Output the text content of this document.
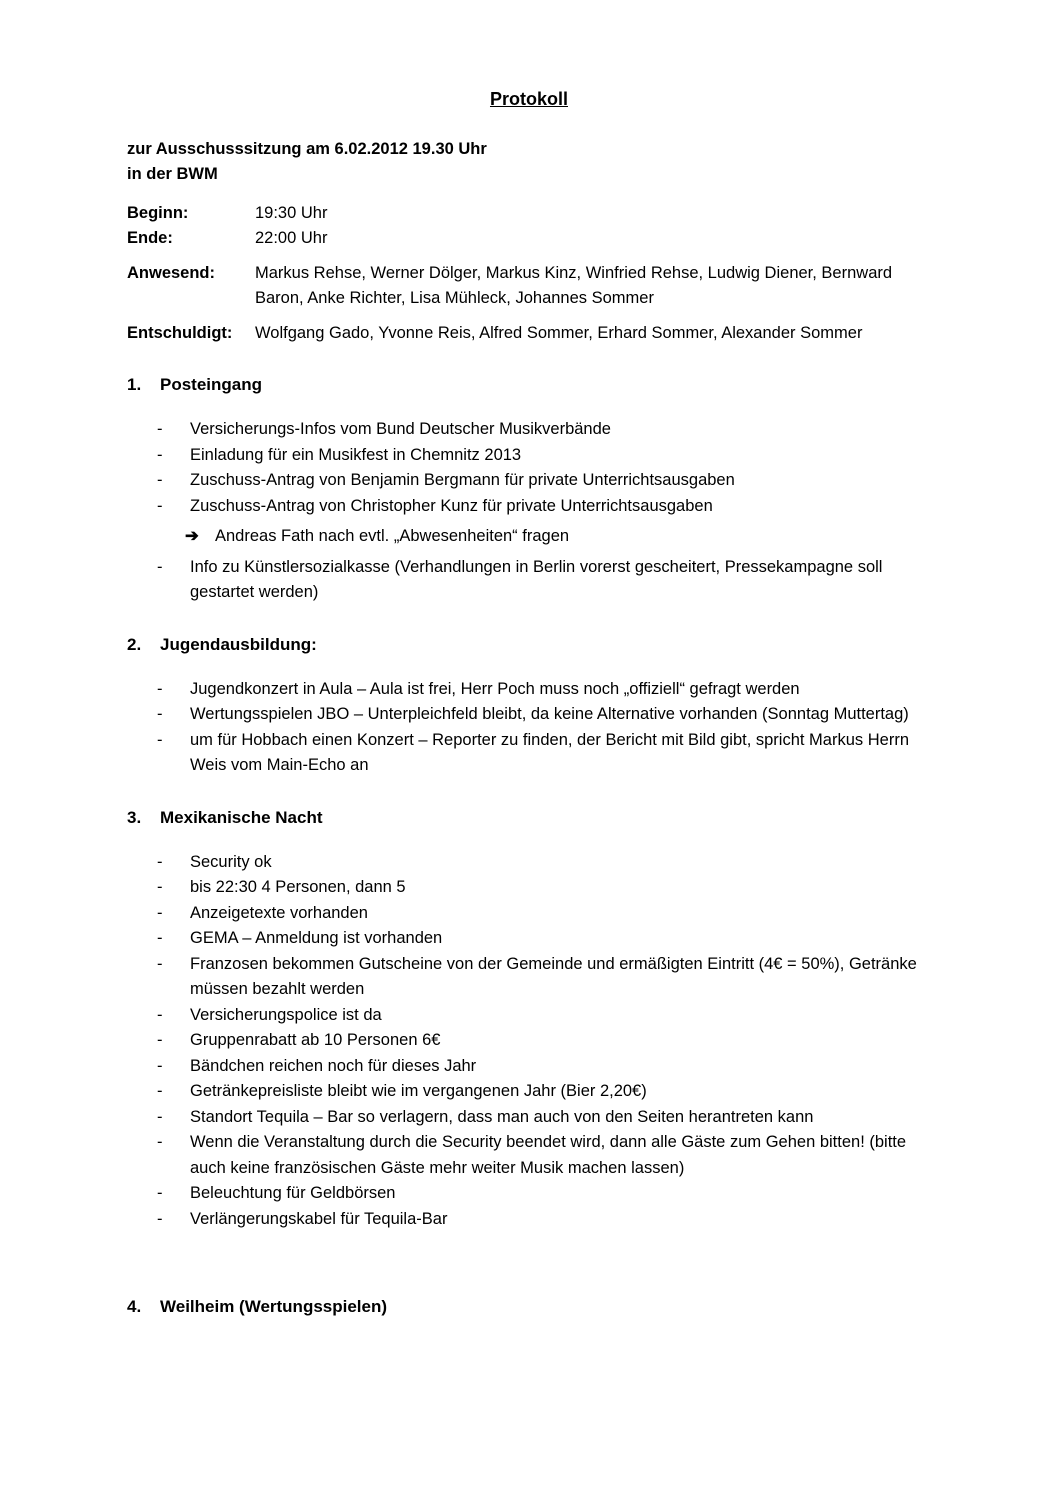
Protokoll

zur Ausschusssitzung am 6.02.2012 19.30 Uhr
in der BWM

Beginn:	19:30 Uhr
Ende:	22:00 Uhr
Anwesend:	Markus Rehse, Werner Dölger, Markus Kinz, Winfried Rehse, Ludwig Diener, Bernward Baron, Anke Richter, Lisa Mühleck, Johannes Sommer
Entschuldigt:	Wolfgang Gado, Yvonne Reis, Alfred Sommer, Erhard Sommer, Alexander Sommer
1.	Posteingang
-	Versicherungs-Infos vom Bund Deutscher Musikverbände
-	Einladung für ein Musikfest in Chemnitz 2013
-	Zuschuss-Antrag von Benjamin Bergmann für private Unterrichtsausgaben
-	Zuschuss-Antrag von Christopher Kunz für private Unterrichtsausgaben
➔ Andreas Fath nach evtl. „Abwesenheiten“ fragen
-	Info zu Künstlersozialkasse (Verhandlungen in Berlin vorerst gescheitert, Pressekampagne soll gestartet werden)
2.	Jugendausbildung:
-	Jugendkonzert in Aula – Aula ist frei, Herr Poch muss noch „offiziell“ gefragt werden
-	Wertungsspielen JBO – Unterpleichfeld bleibt, da keine Alternative vorhanden (Sonntag Muttertag)
-	um für Hobbach einen Konzert – Reporter zu finden, der Bericht mit Bild gibt, spricht Markus Herrn Weis vom Main-Echo an
3.	Mexikanische Nacht
-	Security ok
-	bis 22:30 4 Personen, dann 5
-	Anzeigetexte vorhanden
-	GEMA – Anmeldung ist vorhanden
-	Franzosen bekommen Gutscheine von der Gemeinde und ermäßigten Eintritt (4€ = 50%), Getränke müssen bezahlt werden
-	Versicherungspolice ist da
-	Gruppenrabatt ab 10 Personen 6€
-	Bändchen reichen noch für dieses Jahr
-	Getränkepreisliste bleibt wie im vergangenen Jahr (Bier 2,20€)
-	Standort Tequila – Bar so verlagern, dass man auch von den Seiten herantreten kann
-	Wenn die Veranstaltung durch die Security beendet wird, dann alle Gäste zum Gehen bitten! (bitte auch keine französischen Gäste mehr weiter Musik machen lassen)
-	Beleuchtung für Geldbörsen
-	Verlängerungskabel für Tequila-Bar
4.	Weilheim (Wertungsspielen)
